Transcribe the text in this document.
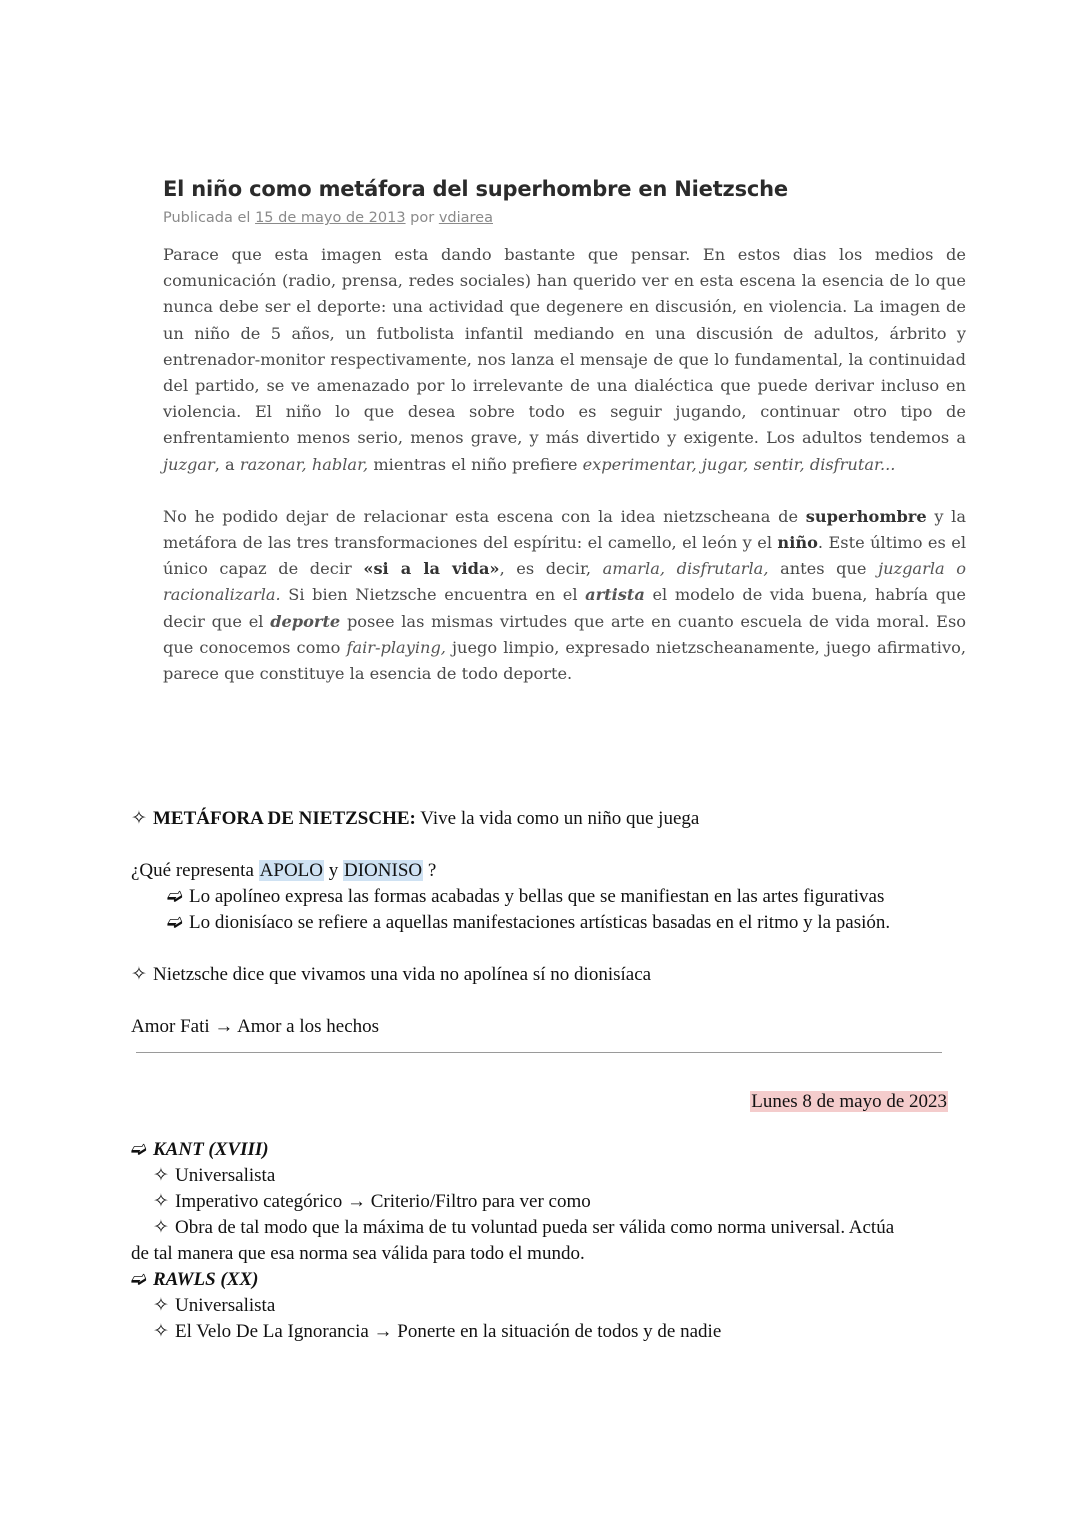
El niño como metáfora del superhombre en Nietzsche
Publicada el 15 de mayo de 2013 por vdiarea

Parace que esta imagen esta dando bastante que pensar. En estos dias los medios de comunicación (radio, prensa, redes sociales) han querido ver en esta escena la esencia de lo que nunca debe ser el deporte: una actividad que degenere en discusión, en violencia. La imagen de un niño de 5 años, un futbolista infantil mediando en una discusión de adultos, árbrito y entrenador-monitor respectivamente, nos lanza el mensaje de que lo fundamental, la continuidad del partido, se ve amenazado por lo irrelevante de una dialéctica que puede derivar incluso en violencia. El niño lo que desea sobre todo es seguir jugando, continuar otro tipo de enfrentamiento menos serio, menos grave, y más divertido y exigente. Los adultos tendemos a juzgar, a razonar, hablar, mientras el niño prefiere experimentar, jugar, sentir, disfrutar...

No he podido dejar de relacionar esta escena con la idea nietzscheana de superhombre y la metáfora de las tres transformaciones del espíritu: el camello, el león y el niño. Este último es el único capaz de decir «si a la vida», es decir, amarla, disfrutarla, antes que juzgarla o racionalizarla. Si bien Nietzsche encuentra en el artista el modelo de vida buena, habría que decir que el deporte posee las mismas virtudes que arte en cuanto escuela de vida moral. Eso que conocemos como fair-playing, juego limpio, expresado nietzscheanamente, juego afirmativo, parece que constituye la esencia de todo deporte.

✧ METÁFORA DE NIETZSCHE: Vive la vida como un niño que juega
¿Qué representa APOLO y DIONISO ?
➫ Lo apolíneo expresa las formas acabadas y bellas que se manifiestan en las artes figurativas
➫ Lo dionisíaco se refiere a aquellas manifestaciones artísticas basadas en el ritmo y la pasión.
✧ Nietzsche dice que vivamos una vida no apolínea sí no dionisíaca
Amor Fati → Amor a los hechos
Lunes 8 de mayo de 2023
➫ KANT (XVIII)
✧ Universalista
✧ Imperativo categórico → Criterio/Filtro para ver como
✧ Obra de tal modo que la máxima de tu voluntad pueda ser válida como norma universal. Actúa
de tal manera que esa norma sea válida para todo el mundo.
➫ RAWLS (XX)
✧ Universalista
✧ El Velo De La Ignorancia → Ponerte en la situación de todos y de nadie
